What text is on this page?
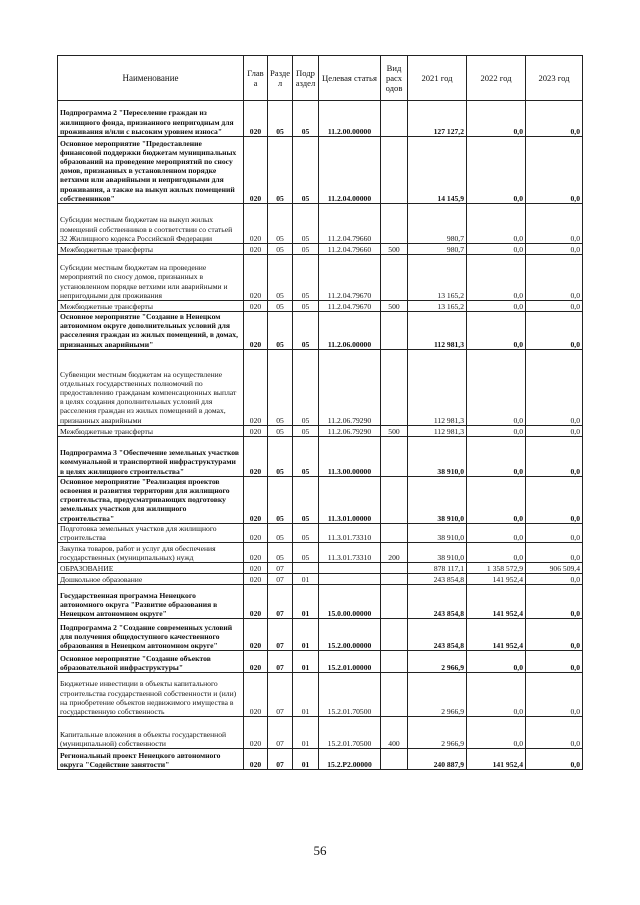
Наименование	Глав а	Разде л	Подр аздел	Целевая статья	Вид расх одов	2021 год	2022 год	2023 год
Подпрограмма 2 "Переселение граждан из жилищного фонда, признанного непригодным для проживания и/или с высоким уровнем износа"	020	05	05	11.2.00.00000		127 127,2	0,0	0,0
Основное мероприятие "Предоставление финансовой поддержки бюджетам муниципальных образований на проведение мероприятий по сносу домов, признанных в установленном порядке ветхими или аварийными и непригодными для проживания, а также на выкуп жилых помещений собственников"	020	05	05	11.2.04.00000		14 145,9	0,0	0,0
Субсидии местным бюджетам на выкуп жилых помещений собственников в соответствии со статьей 32 Жилищного кодекса Российской Федерации	020	05	05	11.2.04.79660		980,7	0,0	0,0
Межбюджетные трансферты	020	05	05	11.2.04.79660	500	980,7	0,0	0,0
Субсидии местным бюджетам на проведение мероприятий по сносу домов, признанных в установленном порядке ветхими или аварийными и непригодными для проживания	020	05	05	11.2.04.79670		13 165,2	0,0	0,0
Межбюджетные трансферты	020	05	05	11.2.04.79670	500	13 165,2	0,0	0,0
Основное мероприятие "Создание в Ненецком автономном округе дополнительных условий для расселения граждан из жилых помещений, в домах, признанных аварийными"	020	05	05	11.2.06.00000		112 981,3	0,0	0,0
Субвенции местным бюджетам на осуществление отдельных государственных полномочий по предоставлению гражданам компенсационных выплат в целях создания дополнительных условий для расселения граждан из жилых помещений в домах, признанных аварийными	020	05	05	11.2.06.79290		112 981,3	0,0	0,0
Межбюджетные трансферты	020	05	05	11.2.06.79290	500	112 981,3	0,0	0,0
Подпрограмма 3 "Обеспечение земельных участков коммунальной и транспортной инфраструктурами в целях жилищного строительства"	020	05	05	11.3.00.00000		38 910,0	0,0	0,0
Основное мероприятие "Реализация проектов освоения и развития территории для жилищного строительства, предусматривающих подготовку земельных участков для жилищного строительства"	020	05	05	11.3.01.00000		38 910,0	0,0	0,0
Подготовка земельных участков для жилищного строительства	020	05	05	11.3.01.73310		38 910,0	0,0	0,0
Закупка товаров, работ и услуг для обеспечения государственных (муниципальных) нужд	020	05	05	11.3.01.73310	200	38 910,0	0,0	0,0
ОБРАЗОВАНИЕ	020	07				878 117,1	1 358 572,9	906 509,4
Дошкольное образование	020	07	01			243 854,8	141 952,4	0,0
Государственная программа Ненецкого автономного округа "Развитие образования в Ненецком автономном округе"	020	07	01	15.0.00.00000		243 854,8	141 952,4	0,0
Подпрограмма 2 "Создание современных условий для получения общедоступного качественного образования в Ненецком автономном округе"	020	07	01	15.2.00.00000		243 854,8	141 952,4	0,0
Основное мероприятие "Создание объектов образовательной инфраструктуры"	020	07	01	15.2.01.00000		2 966,9	0,0	0,0
Бюджетные инвестиции в объекты капитального строительства государственной собственности и (или) на приобретение объектов недвижимого имущества в государственную собственность	020	07	01	15.2.01.70500		2 966,9	0,0	0,0
Капитальные вложения в объекты государственной (муниципальной) собственности	020	07	01	15.2.01.70500	400	2 966,9	0,0	0,0
Региональный проект Ненецкого автономного округа "Содействие занятости"	020	07	01	15.2.P2.00000		240 887,9	141 952,4	0,0
56
